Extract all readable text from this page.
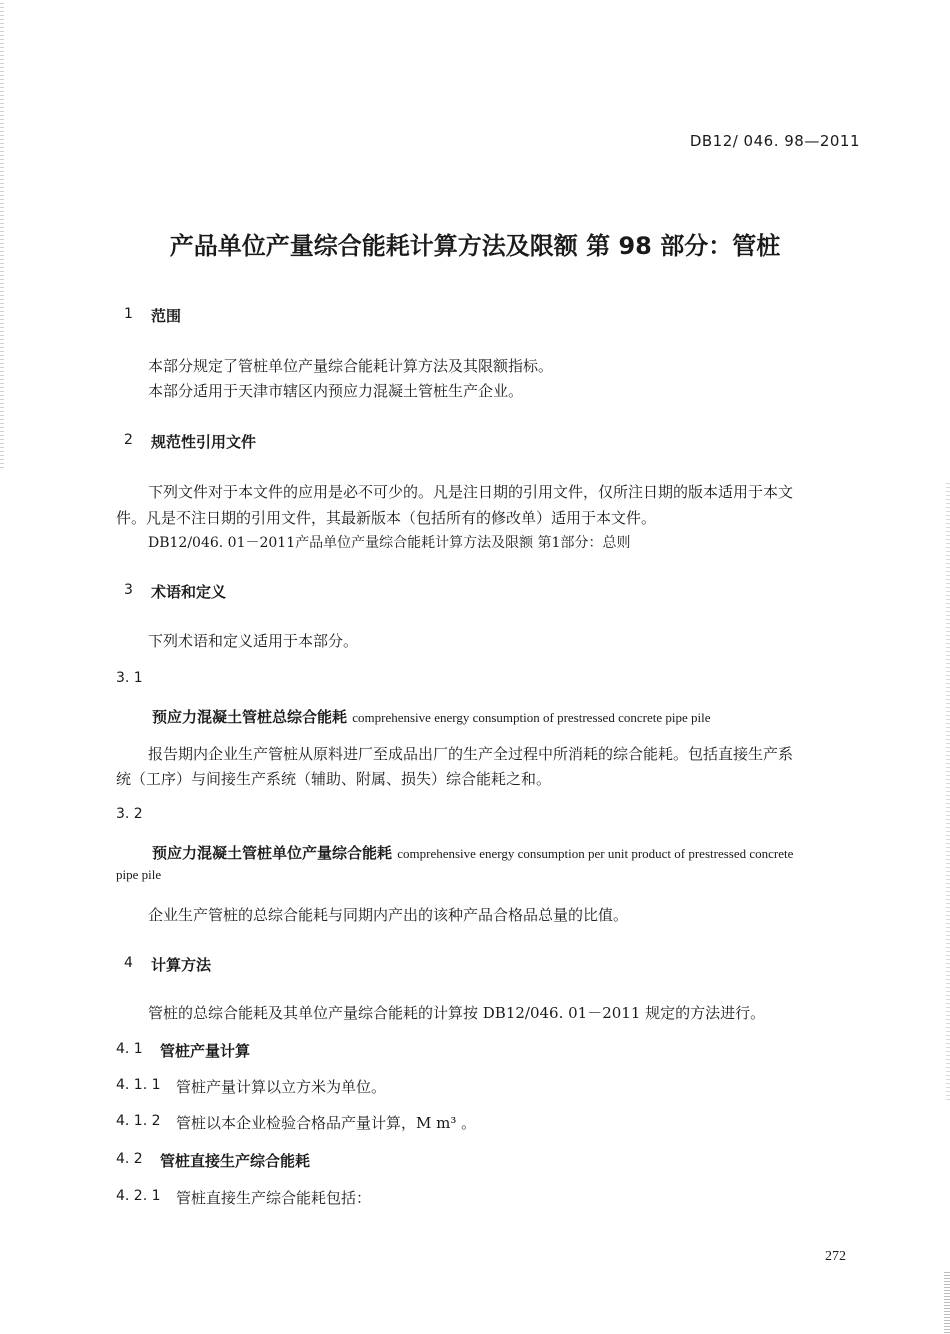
DB12/ 046. 98—2011
产品单位产量综合能耗计算方法及限额 第 98 部分：管桩
1 范围
本部分规定了管桩单位产量综合能耗计算方法及其限额指标。
本部分适用于天津市辖区内预应力混凝土管桩生产企业。
2 规范性引用文件
下列文件对于本文件的应用是必不可少的。凡是注日期的引用文件，仅所注日期的版本适用于本文
件。凡是不注日期的引用文件，其最新版本（包括所有的修改单）适用于本文件。
DB12/046. 01－2011产品单位产量综合能耗计算方法及限额 第1部分：总则
3 术语和定义
下列术语和定义适用于本部分。
3. 1
预应力混凝土管桩总综合能耗 comprehensive energy consumption of prestressed concrete pipe pile
报告期内企业生产管桩从原料进厂至成品出厂的生产全过程中所消耗的综合能耗。包括直接生产系
统（工序）与间接生产系统（辅助、附属、损失）综合能耗之和。
3. 2
预应力混凝土管桩单位产量综合能耗 comprehensive energy consumption per unit product of prestressed concrete
pipe pile
企业生产管桩的总综合能耗与同期内产出的该种产品合格品总量的比值。
4 计算方法
管桩的总综合能耗及其单位产量综合能耗的计算按 DB12/046. 01－2011 规定的方法进行。
4. 1 管桩产量计算
4. 1. 1 管桩产量计算以立方米为单位。
4. 1. 2 管桩以本企业检验合格品产量计算，M m³ 。
4. 2 管桩直接生产综合能耗
4. 2. 1 管桩直接生产综合能耗包括：
272
